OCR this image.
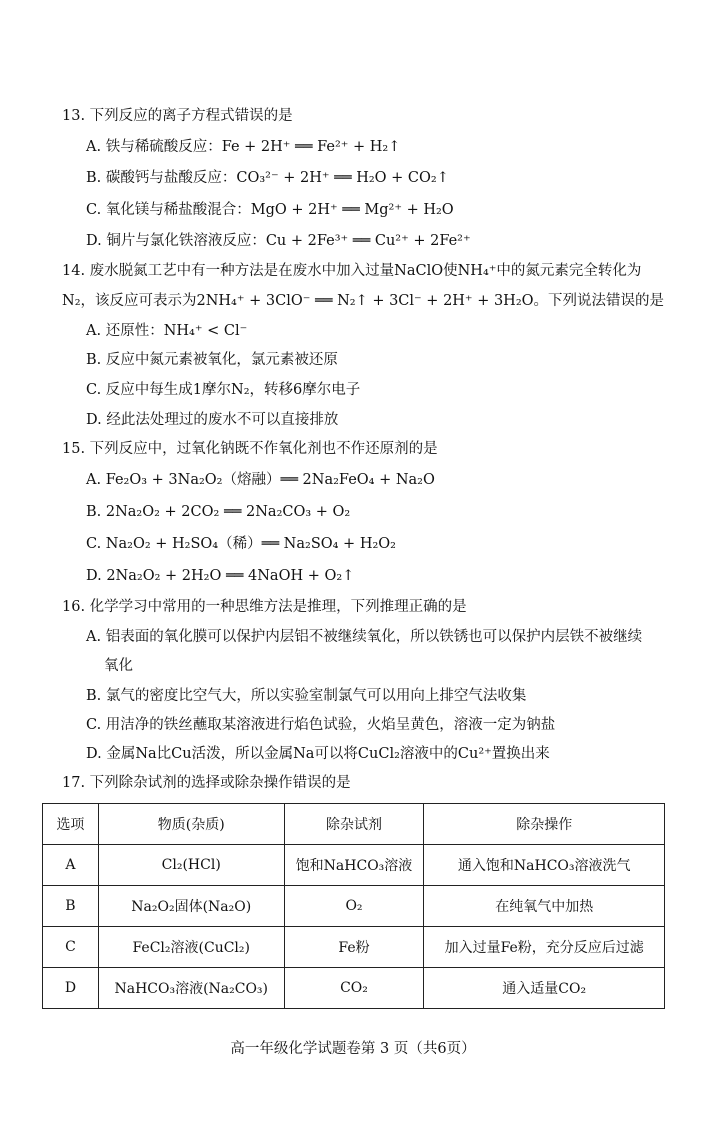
13. 下列反应的离子方程式错误的是
A. 铁与稀硫酸反应：Fe + 2H⁺ ══ Fe²⁺ + H₂↑
B. 碳酸钙与盐酸反应：CO₃²⁻ + 2H⁺ ══ H₂O + CO₂↑
C. 氧化镁与稀盐酸混合：MgO + 2H⁺ ══ Mg²⁺ + H₂O
D. 铜片与氯化铁溶液反应：Cu + 2Fe³⁺ ══ Cu²⁺ + 2Fe²⁺
14. 废水脱氮工艺中有一种方法是在废水中加入过量NaClO使NH₄⁺中的氮元素完全转化为
N₂，该反应可表示为2NH₄⁺ + 3ClO⁻ ══ N₂↑ + 3Cl⁻ + 2H⁺ + 3H₂O。下列说法错误的是
A. 还原性：NH₄⁺ < Cl⁻
B. 反应中氮元素被氧化，氯元素被还原
C. 反应中每生成1摩尔N₂，转移6摩尔电子
D. 经此法处理过的废水不可以直接排放
15. 下列反应中，过氧化钠既不作氧化剂也不作还原剂的是
A. Fe₂O₃ + 3Na₂O₂（熔融）══ 2Na₂FeO₄ + Na₂O
B. 2Na₂O₂ + 2CO₂ ══ 2Na₂CO₃ + O₂
C. Na₂O₂ + H₂SO₄（稀）══ Na₂SO₄ + H₂O₂
D. 2Na₂O₂ + 2H₂O ══ 4NaOH + O₂↑
16. 化学学习中常用的一种思维方法是推理，下列推理正确的是
A. 铝表面的氧化膜可以保护内层铝不被继续氧化，所以铁锈也可以保护内层铁不被继续
氧化
B. 氯气的密度比空气大，所以实验室制氯气可以用向上排空气法收集
C. 用洁净的铁丝蘸取某溶液进行焰色试验，火焰呈黄色，溶液一定为钠盐
D. 金属Na比Cu活泼，所以金属Na可以将CuCl₂溶液中的Cu²⁺置换出来
17. 下列除杂试剂的选择或除杂操作错误的是
选项	物质(杂质)	除杂试剂	除杂操作
A	Cl₂(HCl)	饱和NaHCO₃溶液	通入饱和NaHCO₃溶液洗气
B	Na₂O₂固体(Na₂O)	O₂	在纯氧气中加热
C	FeCl₂溶液(CuCl₂)	Fe粉	加入过量Fe粉，充分反应后过滤
D	NaHCO₃溶液(Na₂CO₃)	CO₂	通入适量CO₂
高一年级化学试题卷第 3 页（共6页）
